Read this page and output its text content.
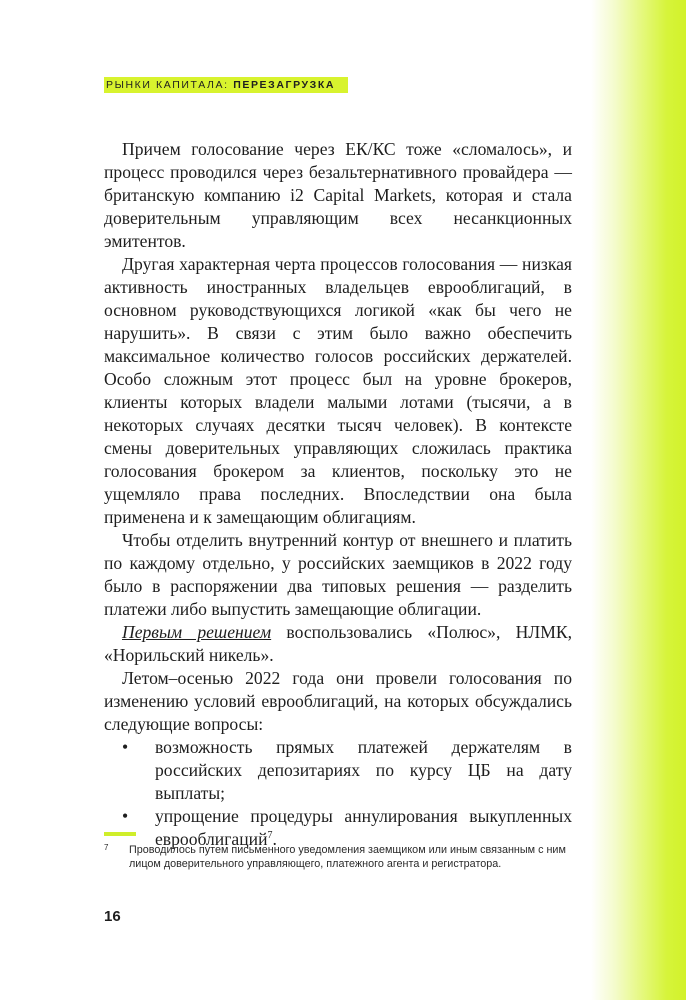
РЫНКИ КАПИТАЛА: ПЕРЕЗАГРУЗКА

Причем голосование через ЕК/КС тоже «сломалось», и процесс проводился через безальтернативного провайдера — британскую компанию i2 Capital Markets, которая и стала доверительным управляющим всех несанкционных эмитентов.

Другая характерная черта процессов голосования — низкая активность иностранных владельцев еврооблигаций, в основном руководствующихся логикой «как бы чего не нарушить». В связи с этим было важно обеспечить максимальное количество голосов российских держателей. Особо сложным этот процесс был на уровне брокеров, клиенты которых владели малыми лотами (тысячи, а в некоторых случаях десятки тысяч человек). В контексте смены доверительных управляющих сложилась практика голосования брокером за клиентов, поскольку это не ущемляло права последних. Впоследствии она была применена и к замещающим облигациям.

Чтобы отделить внутренний контур от внешнего и платить по каждому отдельно, у российских заемщиков в 2022 году было в распоряжении два типовых решения — разделить платежи либо выпустить замещающие облигации.

Первым решением воспользовались «Полюс», НЛМК, «Норильский никель».

Летом–осенью 2022 года они провели голосования по изменению условий еврооблигаций, на которых обсуждались следующие вопросы:

• возможность прямых платежей держателям в российских депозитариях по курсу ЦБ на дату выплаты;
• упрощение процедуры аннулирования выкупленных еврооблигаций$^7$.
7	Проводилось путем письменного уведомления заемщиком или иным связанным с ним лицом доверительного управляющего, платежного агента и регистратора.
16
